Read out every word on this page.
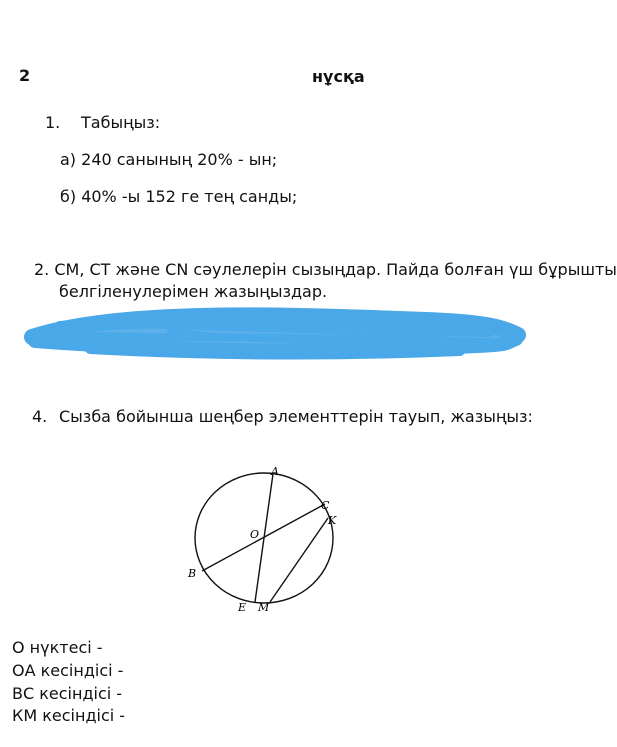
2	нұсқа
1. Табыңыз:
а) 240 санының 20% - ын;
б) 40% -ы 152 ге тең санды;
2. CM, CT және CN сәулелерін сызыңдар. Пайда болған үш бұрышты
белгіленулерімен жазыңыздар.
4. Сызба бойынша шеңбер элементтерін тауып, жазыңыз:
A
C
K
O
B
E M
О нүктесі -
ОА кесіндісі -
ВС кесіндісі -
КМ кесіндісі -
